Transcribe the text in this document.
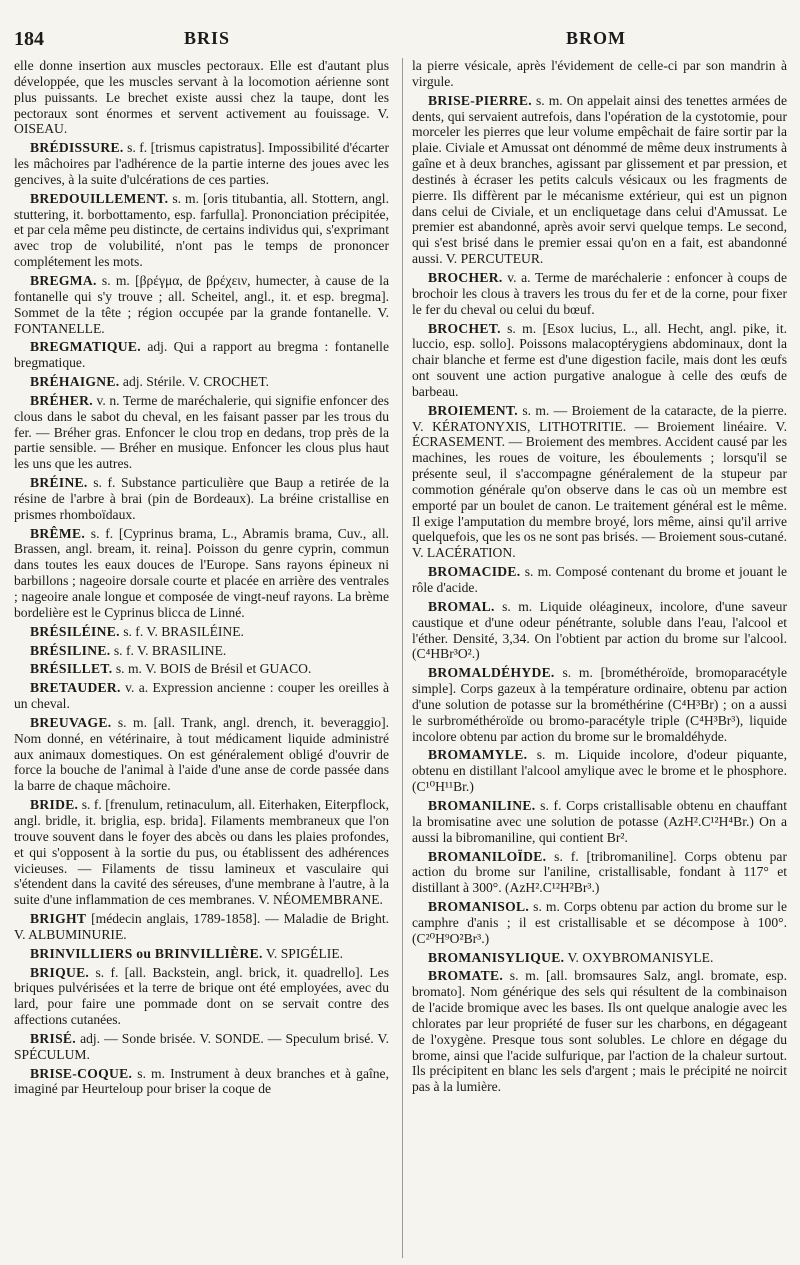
184	BRIS	BROM

elle donne insertion aux muscles pectoraux. Elle est d'autant plus développée, que les muscles servant à la locomotion aérienne sont plus puissants. Le brechet existe aussi chez la taupe, dont les pectoraux sont énormes et servent activement au fouissage. V. OISEAU.

BRÉDISSURE. s. f. [trismus capistratus]. Impossibilité d'écarter les mâchoires par l'adhérence de la partie interne des joues avec les gencives, à la suite d'ulcérations de ces parties.

BREDOUILLEMENT. s. m. [oris titubantia, all. Stottern, angl. stuttering, it. borbottamento, esp. farfulla]. Prononciation précipitée, et par cela même peu distincte, de certains individus qui, s'exprimant avec trop de volubilité, n'ont pas le temps de prononcer complétement les mots.

BREGMA. s. m. [βρέγμα, de βρέχειν, humecter, à cause de la fontanelle qui s'y trouve ; all. Scheitel, angl., it. et esp. bregma]. Sommet de la tête ; région occupée par la grande fontanelle. V. FONTANELLE.

BREGMATIQUE. adj. Qui a rapport au bregma : fontanelle bregmatique.

BRÉHAIGNE. adj. Stérile. V. CROCHET.

BRÉHER. v. n. Terme de maréchalerie, qui signifie enfoncer des clous dans le sabot du cheval, en les faisant passer par les trous du fer. — Bréher gras. Enfoncer le clou trop en dedans, trop près de la partie sensible. — Bréher en musique. Enfoncer les clous plus haut les uns que les autres.

BRÉINE. s. f. Substance particulière que Baup a retirée de la résine de l'arbre à brai (pin de Bordeaux). La bréine cristallise en prismes rhomboïdaux.

BRÊME. s. f. [Cyprinus brama, L., Abramis brama, Cuv., all. Brassen, angl. bream, it. reina]. Poisson du genre cyprin, commun dans toutes les eaux douces de l'Europe. Sans rayons épineux ni barbillons ; nageoire dorsale courte et placée en arrière des ventrales ; nageoire anale longue et composée de vingt-neuf rayons. La brème bordelière est le Cyprinus blicca de Linné.

BRÉSILÉINE. s. f. V. BRASILÉINE.

BRÉSILINE. s. f. V. BRASILINE.

BRÉSILLET. s. m. V. BOIS de Brésil et GUACO.

BRETAUDER. v. a. Expression ancienne : couper les oreilles à un cheval.

BREUVAGE. s. m. [all. Trank, angl. drench, it. beveraggio]. Nom donné, en vétérinaire, à tout médicament liquide administré aux animaux domestiques. On est généralement obligé d'ouvrir de force la bouche de l'animal à l'aide d'une anse de corde passée dans la barre de chaque mâchoire.

BRIDE. s. f. [frenulum, retinaculum, all. Eiterhaken, Eiterpflock, angl. bridle, it. briglia, esp. brida]. Filaments membraneux que l'on trouve souvent dans le foyer des abcès ou dans les plaies profondes, et qui s'opposent à la sortie du pus, ou établissent des adhérences vicieuses. — Filaments de tissu lamineux et vasculaire qui s'étendent dans la cavité des séreuses, d'une membrane à l'autre, à la suite d'une inflammation de ces membranes. V. NÉOMEMBRANE.

BRIGHT [médecin anglais, 1789-1858]. — Maladie de Bright. V. ALBUMINURIE.

BRINVILLIERS ou BRINVILLIÈRE. V. SPIGÉLIE.

BRIQUE. s. f. [all. Backstein, angl. brick, it. quadrello]. Les briques pulvérisées et la terre de brique ont été employées, avec du lard, pour faire une pommade dont on se servait contre des affections cutanées.

BRISÉ. adj. — Sonde brisée. V. SONDE. — Speculum brisé. V. SPÉCULUM.

BRISE-COQUE. s. m. Instrument à deux branches et à gaîne, imaginé par Heurteloup pour briser la coque de

la pierre vésicale, après l'évidement de celle-ci par son mandrin à virgule.

BRISE-PIERRE. s. m. On appelait ainsi des tenettes armées de dents, qui servaient autrefois, dans l'opération de la cystotomie, pour morceler les pierres que leur volume empêchait de faire sortir par la plaie. Civiale et Amussat ont dénommé de même deux instruments à gaîne et à deux branches, agissant par glissement et par pression, et destinés à écraser les petits calculs vésicaux ou les fragments de pierre. Ils diffèrent par le mécanisme extérieur, qui est un pignon dans celui de Civiale, et un encliquetage dans celui d'Amussat. Le premier est abandonné, après avoir servi quelque temps. Le second, qui s'est brisé dans le premier essai qu'on en a fait, est abandonné aussi. V. PERCUTEUR.

BROCHER. v. a. Terme de maréchalerie : enfoncer à coups de brochoir les clous à travers les trous du fer et de la corne, pour fixer le fer du cheval ou celui du bœuf.

BROCHET. s. m. [Esox lucius, L., all. Hecht, angl. pike, it. luccio, esp. sollo]. Poissons malacoptérygiens abdominaux, dont la chair blanche et ferme est d'une digestion facile, mais dont les œufs ont souvent une action purgative analogue à celle des œufs de barbeau.

BROIEMENT. s. m. — Broiement de la cataracte, de la pierre. V. KÉRATONYXIS, LITHOTRITIE. — Broiement linéaire. V. ÉCRASEMENT. — Broiement des membres. Accident causé par les machines, les roues de voiture, les éboulements ; lorsqu'il se présente seul, il s'accompagne généralement de la stupeur par commotion générale qu'on observe dans le cas où un membre est emporté par un boulet de canon. Le traitement général est le même. Il exige l'amputation du membre broyé, lors même, ainsi qu'il arrive quelquefois, que les os ne sont pas brisés. — Broiement sous-cutané. V. LACÉRATION.

BROMACIDE. s. m. Composé contenant du brome et jouant le rôle d'acide.

BROMAL. s. m. Liquide oléagineux, incolore, d'une saveur caustique et d'une odeur pénétrante, soluble dans l'eau, l'alcool et l'éther. Densité, 3,34. On l'obtient par action du brome sur l'alcool. (C⁴HBr³O².)

BROMALDÉHYDE. s. m. [brométhéroïde, bromoparacétyle simple]. Corps gazeux à la température ordinaire, obtenu par action d'une solution de potasse sur la brométhérine (C⁴H³Br) ; on a aussi le surbrométhéroïde ou bromo-paracétyle triple (C⁴H³Br³), liquide incolore obtenu par action du brome sur le bromaldéhyde.

BROMAMYLE. s. m. Liquide incolore, d'odeur piquante, obtenu en distillant l'alcool amylique avec le brome et le phosphore. (C¹⁰H¹¹Br.)

BROMANILINE. s. f. Corps cristallisable obtenu en chauffant la bromisatine avec une solution de potasse (AzH².C¹²H⁴Br.) On a aussi la bibromaniline, qui contient Br².

BROMANILOÏDE. s. f. [tribromaniline]. Corps obtenu par action du brome sur l'aniline, cristallisable, fondant à 117° et distillant à 300°. (AzH².C¹²H²Br³.)

BROMANISOL. s. m. Corps obtenu par action du brome sur le camphre d'anis ; il est cristallisable et se décompose à 100°. (C²⁰H⁹O²Br³.)

BROMANISYLIQUE. V. OXYBROMANISYLE.

BROMATE. s. m. [all. bromsaures Salz, angl. bromate, esp. bromato]. Nom générique des sels qui résultent de la combinaison de l'acide bromique avec les bases. Ils ont quelque analogie avec les chlorates par leur propriété de fuser sur les charbons, en dégageant de l'oxygène. Presque tous sont solubles. Le chlore en dégage du brome, ainsi que l'acide sulfurique, par l'action de la chaleur surtout. Ils précipitent en blanc les sels d'argent ; mais le précipité ne noircit pas à la lumière.
